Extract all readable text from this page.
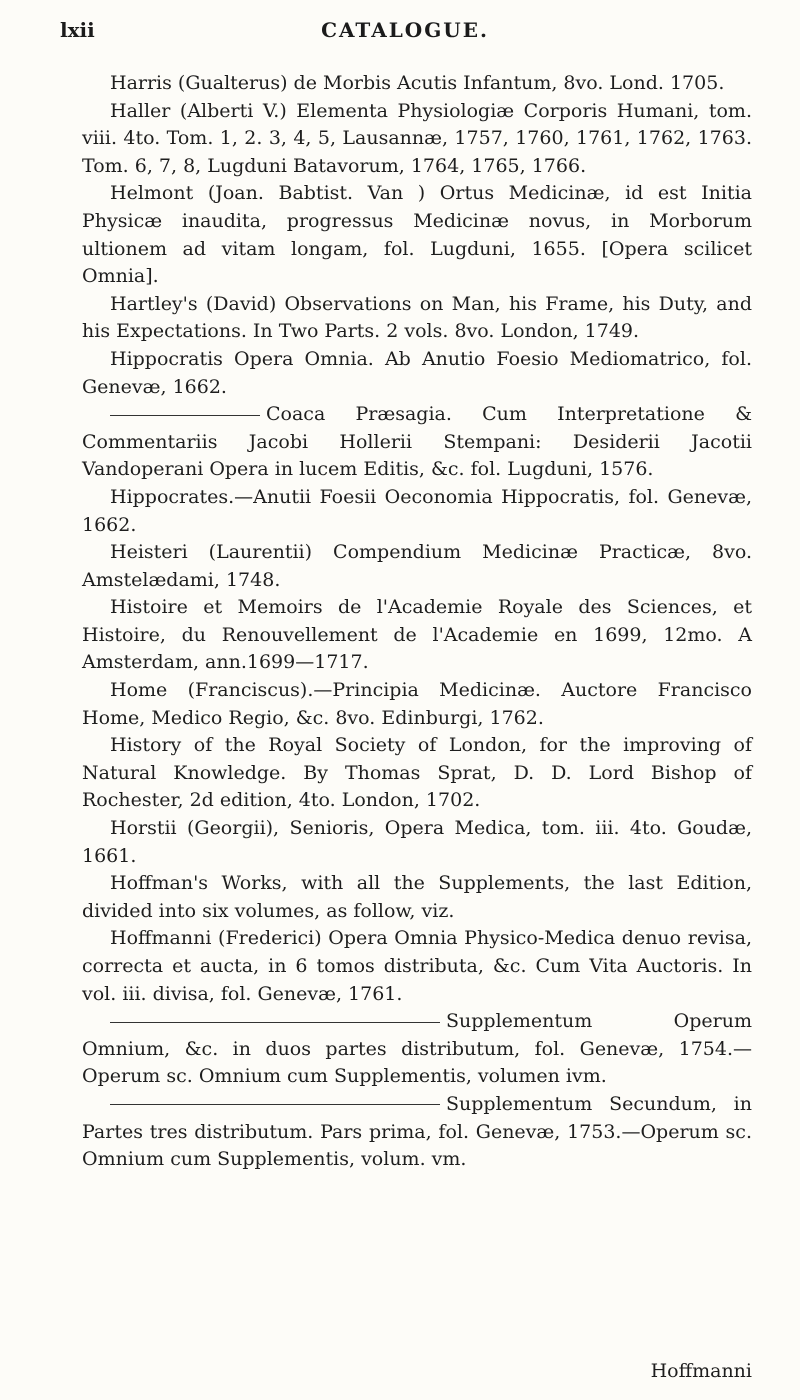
lxii	CATALOGUE.

Harris (Gualterus) de Morbis Acutis Infantum, 8vo. Lond. 1705.

Haller (Alberti V.) Elementa Physiologiæ Corporis Humani, tom. viii. 4to. Tom. 1, 2. 3, 4, 5, Lausannæ, 1757, 1760, 1761, 1762, 1763. Tom. 6, 7, 8, Lugduni Batavorum, 1764, 1765, 1766.

Helmont (Joan. Babtist. Van ) Ortus Medicinæ, id est Initia Physicæ inaudita, progressus Medicinæ novus, in Morborum ultionem ad vitam longam, fol. Lugduni, 1655. [Opera scilicet Omnia].

Hartley's (David) Observations on Man, his Frame, his Duty, and his Expectations. In Two Parts. 2 vols. 8vo. London, 1749.

Hippocratis Opera Omnia. Ab Anutio Foesio Mediomatrico, fol. Genevæ, 1662.

Coaca Præsagia. Cum Interpretatione & Commentariis Jacobi Hollerii Stempani: Desiderii Jacotii Vandoperani Opera in lucem Editis, &c. fol. Lugduni, 1576.

Hippocrates.—Anutii Foesii Oeconomia Hippocratis, fol. Genevæ, 1662.

Heisteri (Laurentii) Compendium Medicinæ Practicæ, 8vo. Amstelædami, 1748.

Histoire et Memoirs de l'Academie Royale des Sciences, et Histoire, du Renouvellement de l'Academie en 1699, 12mo. A Amsterdam, ann.1699—1717.

Home (Franciscus).—Principia Medicinæ. Auctore Francisco Home, Medico Regio, &c. 8vo. Edinburgi, 1762.

History of the Royal Society of London, for the improving of Natural Knowledge. By Thomas Sprat, D. D. Lord Bishop of Rochester, 2d edition, 4to. London, 1702.

Horstii (Georgii), Senioris, Opera Medica, tom. iii. 4to. Goudæ, 1661.

Hoffman's Works, with all the Supplements, the last Edition, divided into six volumes, as follow, viz.

Hoffmanni (Frederici) Opera Omnia Physico-Medica denuo revisa, correcta et aucta, in 6 tomos distributa, &c. Cum Vita Auctoris. In vol. iii. divisa, fol. Genevæ, 1761.

Supplementum Operum Omnium, &c. in duos partes distributum, fol. Genevæ, 1754.—Operum sc. Omnium cum Supplementis, volumen ivm.

Supplementum Secundum, in Partes tres distributum. Pars prima, fol. Genevæ, 1753.—Operum sc. Omnium cum Supplementis, volum. vm.

Hoffmanni
